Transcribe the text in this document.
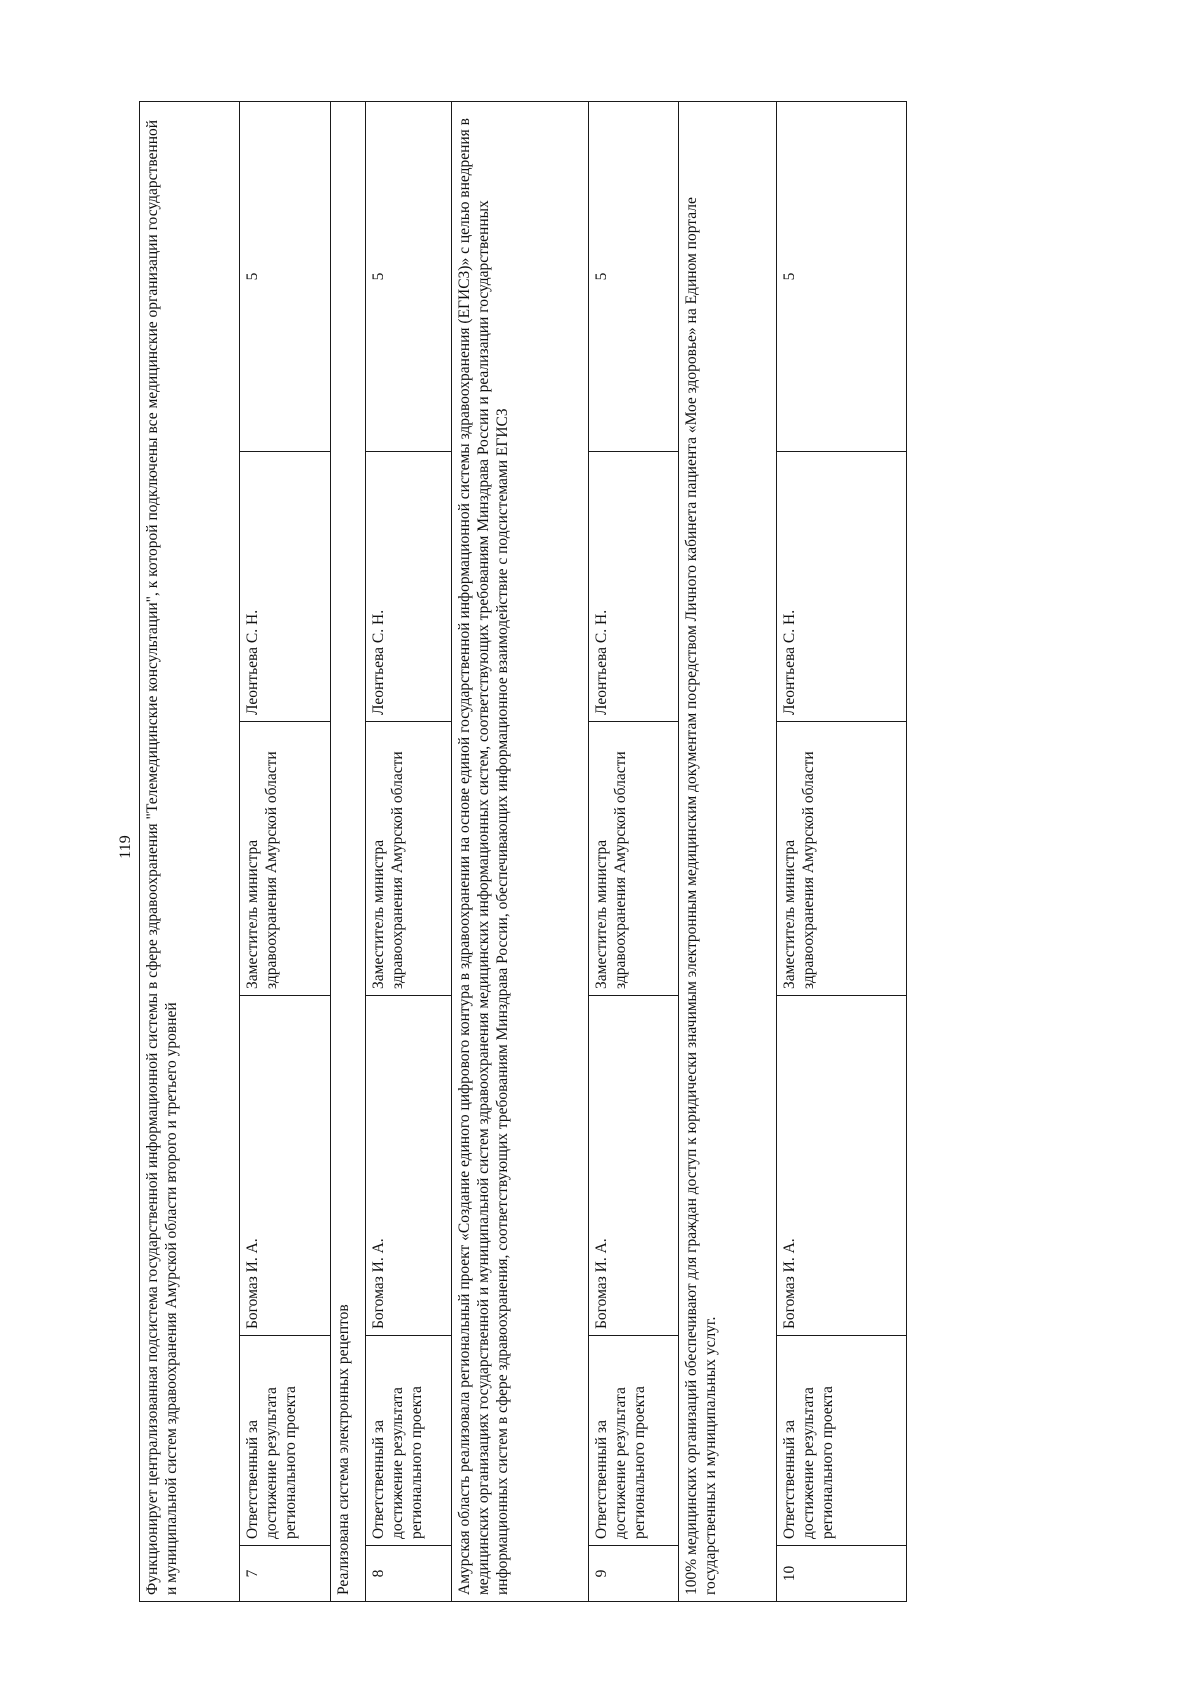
119 Функционирует централизованная подсистема государственной информационной системы в сфере здравоохранения "Телемедицинские консультации", к которой подключены все медицинские организации государственной и муниципальной систем здравоохранения Амурской области второго и третьего уровней					
7	Ответственный за достижение результата регионального проекта	Богомаз И. А.	Заместитель министра здравоохранения Амурской области	Леонтьева С. Н.	5
Реализована система электронных рецептов					
8	Ответственный за достижение результата регионального проекта	Богомаз И. А.	Заместитель министра здравоохранения Амурской области	Леонтьева С. Н.	5
Амурская область реализовала региональный проект «Создание единого цифрового контура в здравоохранении на основе единой государственной информационной системы здравоохранения (ЕГИСЗ)» с целью внедрения в медицинских организациях государственной и муниципальной систем здравоохранения медицинских информационных систем, соответствующих требованиям Минздрава России и реализации государственных информационных систем в сфере здравоохранения, соответствующих требованиям Минздрава России, обеспечивающих информационное взаимодействие с подсистемами ЕГИСЗ					
9	Ответственный за достижение результата регионального проекта	Богомаз И. А.	Заместитель министра здравоохранения Амурской области	Леонтьева С. Н.	5
100% медицинских организаций обеспечивают для граждан доступ к юридически значимым электронным медицинским документам посредством Личного кабинета пациента «Мое здоровье» на Едином портале государственных и муниципальных услуг.					
10	Ответственный за достижение результата регионального проекта	Богомаз И. А.	Заместитель министра здравоохранения Амурской области	Леонтьева С. Н.	5
